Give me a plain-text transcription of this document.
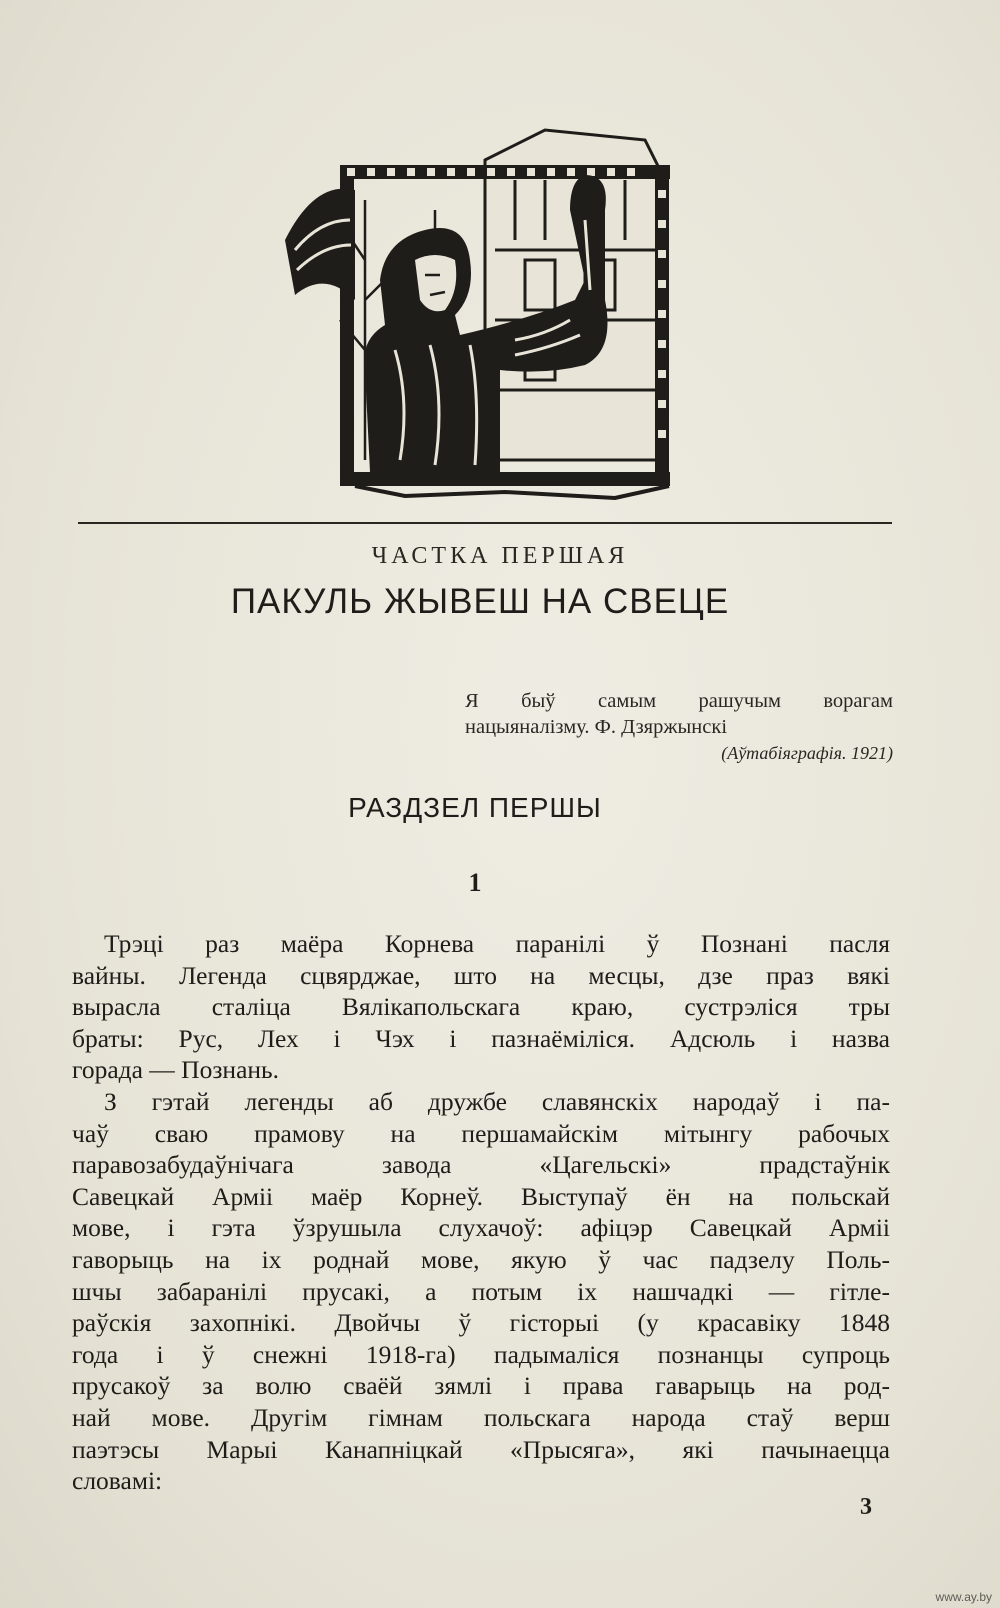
ЧАСТКА ПЕРШАЯ
ПАКУЛЬ ЖЫВЕШ НА СВЕЦЕ
Я быў самым рашучым ворагам
нацыяналізму. Ф. Дзяржынскі
(Аўтабіяграфія. 1921)
РАЗДЗЕЛ ПЕРШЫ
1
Трэці раз маёра Корнева паранілі ў Познані пасля
вайны. Легенда сцвярджае, што на месцы, дзе праз вякі
вырасла сталіца Вялікапольскага краю, сустрэліся тры
браты: Рус, Лех і Чэх і пазнаёміліся. Адсюль і назва
горада — Познань.
З гэтай легенды аб дружбе славянскіх народаў і па-
чаў сваю прамову на першамайскім мітынгу рабочых
паравозабудаўнічага завода «Цагельскі» прадстаўнік
Савецкай Арміі маёр Корнеў. Выступаў ён на польскай
мове, і гэта ўзрушыла слухачоў: афіцэр Савецкай Арміі
гаворыць на іх роднай мове, якую ў час падзелу Поль-
шчы забаранілі прусакі, а потым іх нашчадкі — гітле-
раўскія захопнікі. Двойчы ў гісторыі (у красавіку 1848
года і ў снежні 1918-га) падымаліся познанцы супроць
прусакоў за волю сваёй зямлі і права гаварыць на род-
най мове. Другім гімнам польскага народа стаў верш
паэтэсы Марыі Канапніцкай «Прысяга», які пачынаецца
словамі:
3
www.ay.by
